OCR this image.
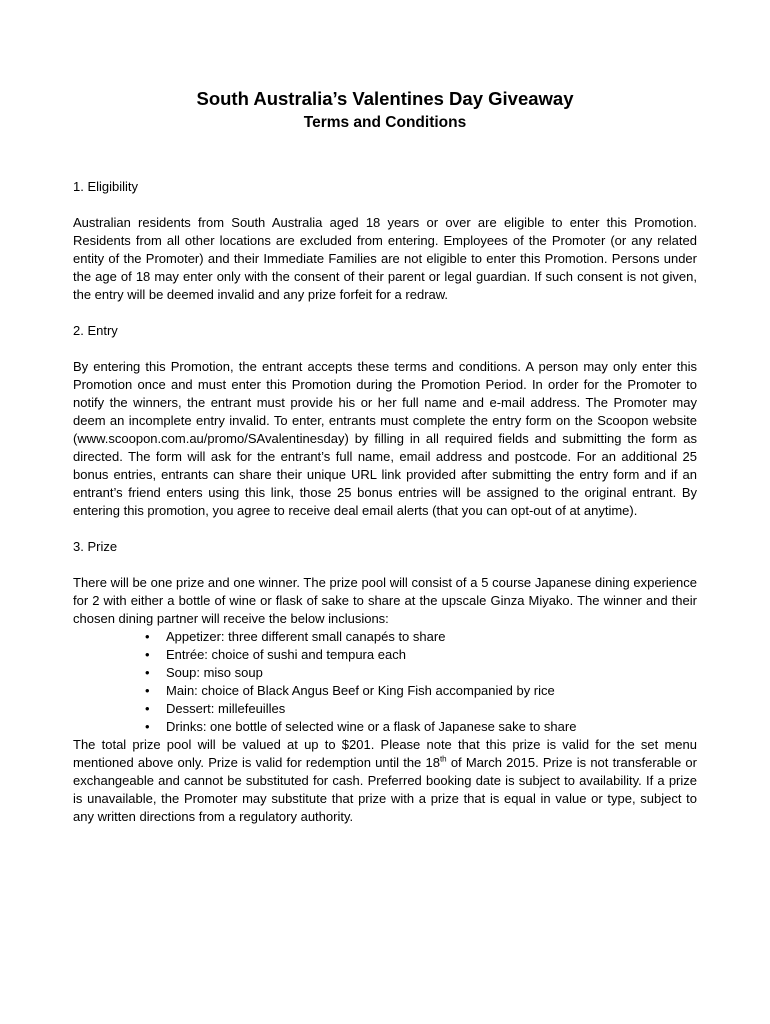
South Australia’s Valentines Day Giveaway
Terms and Conditions

1. Eligibility

Australian residents from South Australia aged 18 years or over are eligible to enter this Promotion. Residents from all other locations are excluded from entering. Employees of the Promoter (or any related entity of the Promoter) and their Immediate Families are not eligible to enter this Promotion. Persons under the age of 18 may enter only with the consent of their parent or legal guardian. If such consent is not given, the entry will be deemed invalid and any prize forfeit for a redraw.

2. Entry

By entering this Promotion, the entrant accepts these terms and conditions. A person may only enter this Promotion once and must enter this Promotion during the Promotion Period. In order for the Promoter to notify the winners, the entrant must provide his or her full name and e-mail address. The Promoter may deem an incomplete entry invalid. To enter, entrants must complete the entry form on the Scoopon website (www.scoopon.com.au/promo/SAvalentinesday) by filling in all required fields and submitting the form as directed. The form will ask for the entrant’s full name, email address and postcode. For an additional 25 bonus entries, entrants can share their unique URL link provided after submitting the entry form and if an entrant’s friend enters using this link, those 25 bonus entries will be assigned to the original entrant. By entering this promotion, you agree to receive deal email alerts (that you can opt-out of at anytime).

3. Prize

There will be one prize and one winner. The prize pool will consist of a 5 course Japanese dining experience for 2 with either a bottle of wine or flask of sake to share at the upscale Ginza Miyako. The winner and their chosen dining partner will receive the below inclusions:

• Appetizer: three different small canapés to share
• Entrée: choice of sushi and tempura each
• Soup: miso soup
• Main: choice of Black Angus Beef or King Fish accompanied by rice
• Dessert: millefeuilles
• Drinks: one bottle of selected wine or a flask of Japanese sake to share

The total prize pool will be valued at up to $201. Please note that this prize is valid for the set menu mentioned above only. Prize is valid for redemption until the 18th of March 2015. Prize is not transferable or exchangeable and cannot be substituted for cash. Preferred booking date is subject to availability. If a prize is unavailable, the Promoter may substitute that prize with a prize that is equal in value or type, subject to any written directions from a regulatory authority.
